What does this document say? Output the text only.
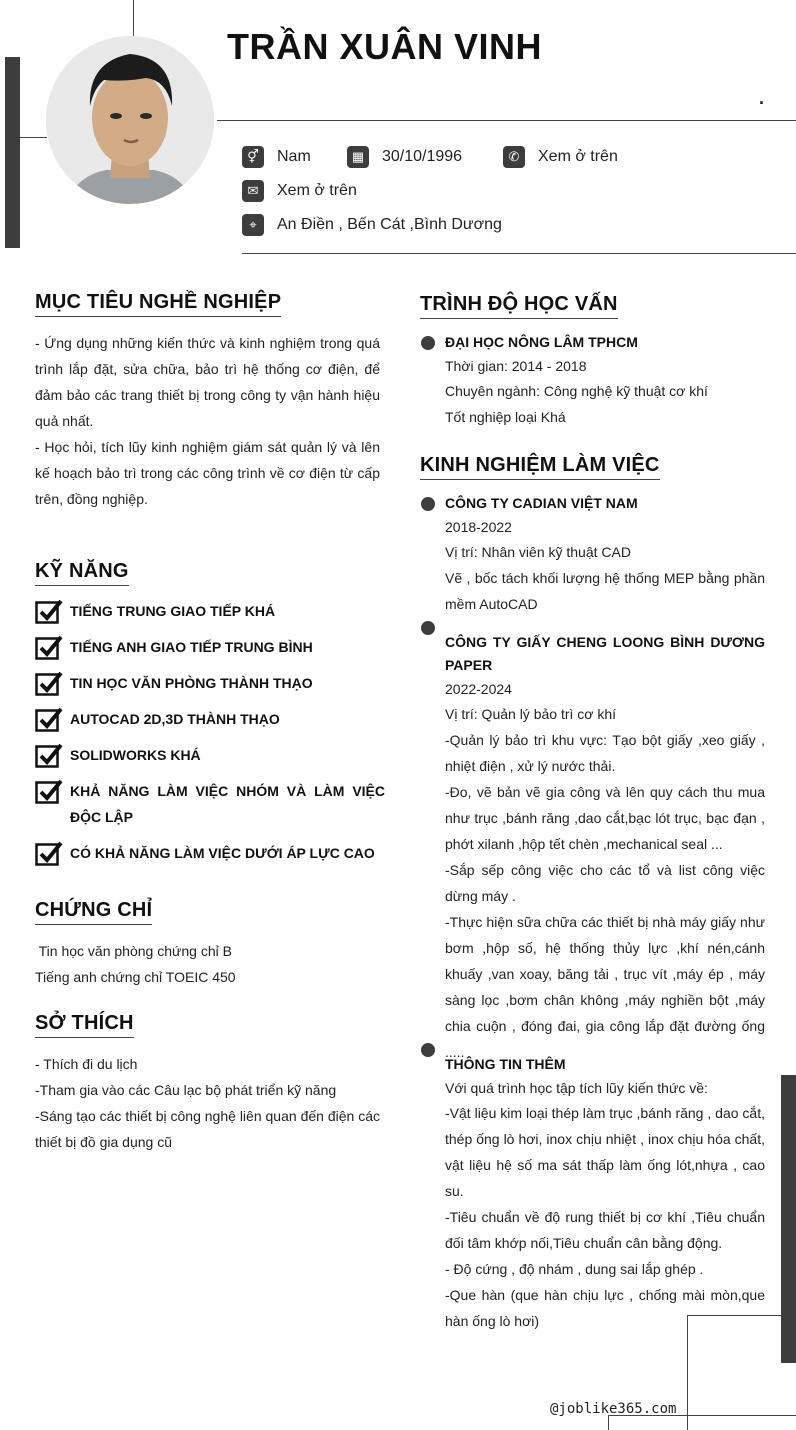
TRẦN XUÂN VINH
.
⚥	Nam	▦	30/10/1996	✆	Xem ở trên
✉	Xem ở trên
⌖	An Điền , Bến Cát ,Bình Dương
MỤC TIÊU NGHỀ NGHIỆP
- Ứng dụng những kiến thức và kinh nghiệm trong quá trình lắp đặt, sửa chữa, bảo trì hệ thống cơ điện, để đảm bảo các trang thiết bị trong công ty vận hành hiệu quả nhất.
- Học hỏi, tích lũy kinh nghiệm giám sát quản lý và lên kế hoạch bảo trì trong các công trình về cơ điện từ cấp trên, đồng nghiệp.
KỸ NĂNG
TIẾNG TRUNG GIAO TIẾP KHÁ
TIẾNG ANH GIAO TIẾP TRUNG BÌNH
TIN HỌC VĂN PHÒNG THÀNH THẠO
AUTOCAD 2D,3D THÀNH THẠO
SOLIDWORKS KHÁ
KHẢ NĂNG LÀM VIỆC NHÓM VÀ LÀM VIỆC ĐỘC LẬP
CÓ KHẢ NĂNG LÀM VIỆC DƯỚI ÁP LỰC CAO
CHỨNG CHỈ
Tin học văn phòng chứng chỉ B
Tiếng anh chứng chỉ TOEIC 450
SỞ THÍCH
- Thích đi du lịch
-Tham gia vào các Câu lạc bộ phát triển kỹ năng
-Sáng tạo các thiết bị công nghệ liên quan đến điện các thiết bị đồ gia dụng cũ
TRÌNH ĐỘ HỌC VẤN
ĐẠI HỌC NÔNG LÂM TPHCM
Thời gian: 2014 - 2018
Chuyên ngành: Công nghệ kỹ thuật cơ khí
Tốt nghiệp loại Khá
KINH NGHIỆM LÀM VIỆC
CÔNG TY CADIAN VIỆT NAM
2018-2022
Vị trí: Nhân viên kỹ thuật CAD
Vẽ , bốc tách khối lượng hệ thống MEP bằng phần mềm AutoCAD
CÔNG TY GIẤY CHENG LOONG BÌNH DƯƠNG PAPER
2022-2024
Vị trí: Quản lý bảo trì cơ khí
-Quản lý bảo trì khu vực: Tạo bột giấy ,xeo giấy , nhiệt điện , xử lý nước thải.
-Đo, vẽ bản vẽ gia công và lên quy cách thu mua như trục ,bánh răng ,dao cắt,bạc lót trục, bạc đạn , phớt xilanh ,hộp tết chèn ,mechanical seal ...
-Sắp sếp công việc cho các tổ và list công việc dừng máy .
-Thực hiện sữa chữa các thiết bị nhà máy giấy như bơm ,hộp số, hệ thống thủy lực ,khí nén,cánh khuấy ,van xoay, băng tải , trục vít ,máy ép , máy sàng lọc ,bơm chân không ,máy nghiền bột ,máy chia cuộn , đóng đai, gia công lắp đặt đường ống .....
THÔNG TIN THÊM
Với quá trình học tập tích lũy kiến thức về:
-Vật liệu kim loại thép làm trục ,bánh răng , dao cắt, thép ống lò hơi, inox chịu nhiệt , inox chịu hóa chất, vật liệu hệ số ma sát thấp làm ống lót,nhựa , cao su.
-Tiêu chuẩn về độ rung thiết bị cơ khí ,Tiêu chuẩn đối tâm khớp nối,Tiêu chuẩn cân bằng động.
- Độ cứng , độ nhám , dung sai lắp ghép .
-Que hàn (que hàn chịu lực , chống mài mòn,que hàn ống lò hơi)
@joblike365.com
